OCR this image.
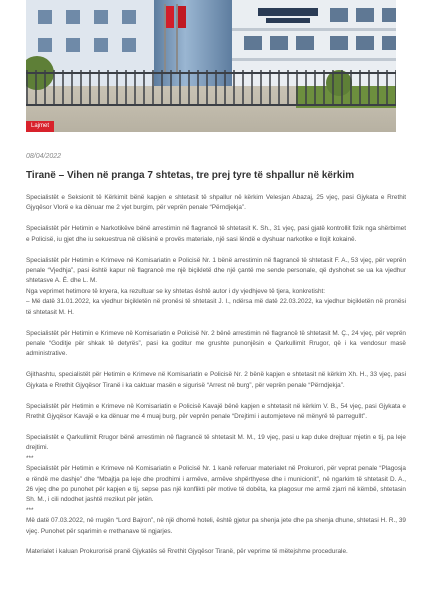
Lajmet
08/04/2022
Tiranë – Vihen në pranga 7 shtetas, tre prej tyre të shpallur në kërkim

Specialistët e Seksionit të Kërkimit bënë kapjen e shtetasit të shpallur në kërkim Velesjan Abazaj, 25 vjeç, pasi Gjykata e Rrethit Gjyqësor Vlorë e ka dënuar me 2 vjet burgim, për veprën penale “Përndjekja”.

Specialistët për Hetimin e Narkotikëve bënë arrestimin në flagrancë të shtetasit K. Sh., 31 vjeç, pasi gjatë kontrollit fizik nga shërbimet e Policisë, iu gjet dhe iu sekuestrua në cilësinë e provës materiale, një sasi lëndë e dyshuar narkotike e llojit kokainë.

Specialistët për Hetimin e Krimeve në Komisariatin e Policisë Nr. 1 bënë arrestimin në flagrancë të shtetasit F. A., 53 vjeç, për veprën penale “Vjedhja”, pasi është kapur në flagrancë me një biçikletë dhe një çantë me sende personale, që dyshohet se ua ka vjedhur shtetasve A. Ë. dhe L. M.

Nga veprimet hetimore të kryera, ka rezultuar se ky shtetas është autor i dy vjedhjeve të tjera, konkretisht:

– Më datë 31.01.2022, ka vjedhur biçikletën në pronësi të shtetasit J. I., ndërsa më datë 22.03.2022, ka vjedhur biçikletën në pronësi të shtetasit M. H.

Specialistët për Hetimin e Krimeve në Komisariatin e Policisë Nr. 2 bënë arrestimin në flagrancë të shtetasit M. Ç., 24 vjeç, për veprën penale “Goditje për shkak të detyrës”, pasi ka goditur me grushte punonjësin e Qarkullimit Rrugor, që i ka vendosur masë administrative.

Gjithashtu, specialistët për Hetimin e Krimeve në Komisariatin e Policisë Nr. 2 bënë kapjen e shtetasit në kërkim Xh. H., 33 vjeç, pasi Gjykata e Rrethit Gjyqësor Tiranë i ka caktuar masën e sigurisë “Arrest në burg”, për veprën penale “Përndjekja”.

Specialistët për Hetimin e Krimeve në Komisariatin e Policisë Kavajë bënë kapjen e shtetasit në kërkim V. B., 54 vjeç, pasi Gjykata e Rrethit Gjyqësor Kavajë e ka dënuar me 4 muaj burg, për veprën penale “Drejtimi i automjeteve në mënyrë të parregullt”.

Specialistët e Qarkullimit Rrugor bënë arrestimin në flagrancë të shtetasit M. M., 19 vjeç, pasi u kap duke drejtuar mjetin e tij, pa leje drejtimi.

***

Specialistët për Hetimin e Krimeve në Komisariatin e Policisë Nr. 1 kanë referuar materialet në Prokurori, për veprat penale “Plagosja e rëndë me dashje” dhe “Mbajtja pa leje dhe prodhimi i armëve, armëve shpërthyese dhe i municionit”, në ngarkim të shtetasit D. A., 26 vjeç dhe po punohet për kapjen e tij, sepse pas një konflikti për motive të dobëta, ka plagosur me armë zjarri në këmbë, shtetasin Sh. M., i cili ndodhet jashtë rrezikut për jetën.

***

Më datë 07.03.2022, në rrugën “Lord Bajron”, në një dhomë hoteli, është gjetur pa shenja jete dhe pa shenja dhune, shtetasi H. R., 39 vjeç. Punohet për sqarimin e rrethanave të ngjarjes.

Materialet i kaluan Prokurorisë pranë Gjykatës së Rrethit Gjyqësor Tiranë, për veprime të mëtejshme procedurale.
